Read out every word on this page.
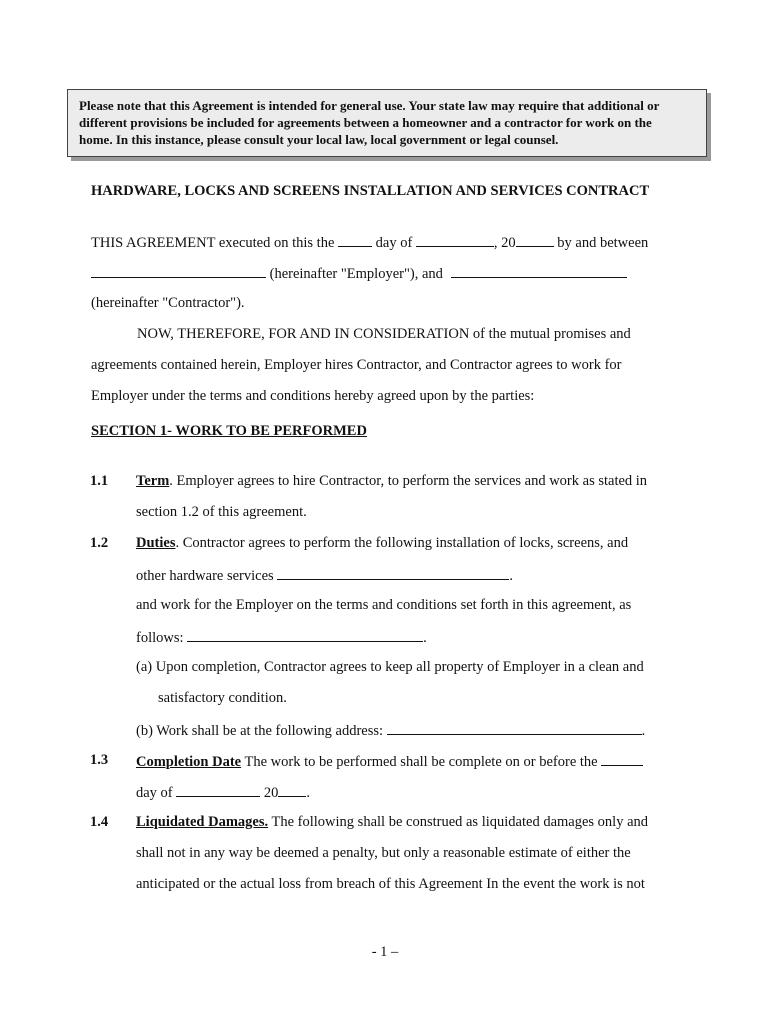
Please note that this Agreement is intended for general use. Your state law may require that additional or

different provisions be included for agreements between a homeowner and a contractor for work on the

home. In this instance, please consult your local law, local government or legal counsel.

HARDWARE, LOCKS AND SCREENS INSTALLATION AND SERVICES CONTRACT
THIS AGREEMENT executed on this the	day of	, 20	by and between
(hereinafter "Employer"), and
(hereinafter "Contractor").
NOW, THEREFORE, FOR AND IN CONSIDERATION of the mutual promises and
agreements contained herein, Employer hires Contractor, and Contractor agrees to work for
Employer under the terms and conditions hereby agreed upon by the parties:
SECTION 1- WORK TO BE PERFORMED
1.1 Term. Employer agrees to hire Contractor, to perform the services and work as stated in
section 1.2 of this agreement.
1.2 Duties. Contractor agrees to perform the following installation of locks, screens, and
other hardware services	.
and work for the Employer on the terms and conditions set forth in this agreement, as
follows:	.
(a) Upon completion, Contractor agrees to keep all property of Employer in a clean and
satisfactory condition.
(b) Work shall be at the following address:	.
1.3 Completion Date The work to be performed shall be complete on or before the
day of	20 .
1.4 Liquidated Damages. The following shall be construed as liquidated damages only and
shall not in any way be deemed a penalty, but only a reasonable estimate of either the
anticipated or the actual loss from breach of this Agreement In the event the work is not
- 1 –
